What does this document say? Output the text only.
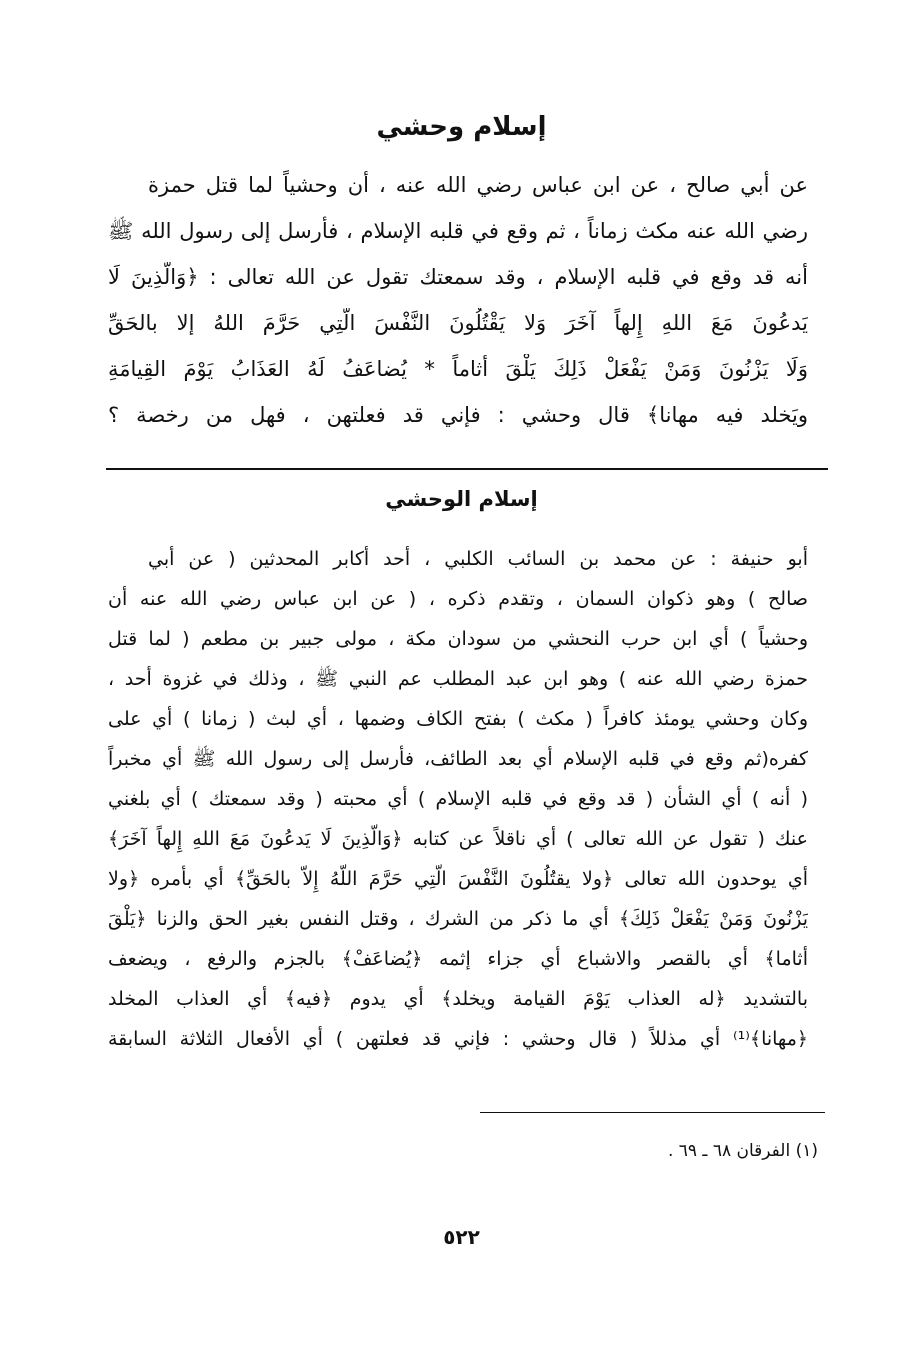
إسلام وحشي
عن أبي صالح ، عن ابن عباس رضي الله عنه ، أن وحشياً لما قتل حمزة
رضي الله عنه مكث زماناً ، ثم وقع في قلبه الإسلام ، فأرسل إلى رسول الله ﷺ
أنه قد وقع في قلبه الإسلام ، وقد سمعتك تقول عن الله تعالى : ﴿وَالَّذِينَ لَا
يَدعُونَ مَعَ اللهِ إِلهاً آخَرَ وَلا يَقْتُلُونَ النَّفْسَ الَّتِي حَرَّمَ اللهُ إلا بالحَقِّ
وَلَا يَزْنُونَ وَمَنْ يَفْعَلْ ذَلِكَ يَلْقَ أثاماً * يُضاعَفُ لَهُ العَذَابُ يَوْمَ القِيامَةِ
ويَخلد فيه مهانا﴾ قال وحشي : فإني قد فعلتهن ، فهل من رخصة ؟
إسلام الوحشي
أبو حنيفة : عن محمد بن السائب الكلبي ، أحد أكابر المحدثين ( عن أبي
صالح ) وهو ذكوان السمان ، وتقدم ذكره ، ( عن ابن عباس رضي الله عنه أن
وحشياً ) أي ابن حرب النحشي من سودان مكة ، مولى جبير بن مطعم ( لما قتل
حمزة رضي الله عنه ) وهو ابن عبد المطلب عم النبي ﷺ ، وذلك في غزوة أحد ،
وكان وحشي يومئذ كافراً ( مكث ) بفتح الكاف وضمها ، أي لبث ( زمانا ) أي على
كفره(ثم وقع في قلبه الإسلام أي بعد الطائف، فأرسل إلى رسول الله ﷺ أي مخبراً
( أنه ) أي الشأن ( قد وقع في قلبه الإسلام ) أي محبته ( وقد سمعتك ) أي بلغني
عنك ( تقول عن الله تعالى ) أي ناقلاً عن كتابه ﴿وَالَّذِينَ لَا يَدعُونَ مَعَ اللهِ إِلهاً آخَرَ﴾
أي يوحدون الله تعالى ﴿ولا يقتُلُونَ النَّفْسَ الَّتِي حَرَّمَ اللَّهُ إِلاّ بالحَقِّ﴾ أي بأمره ﴿ولا
يَزْنُونَ وَمَنْ يَفْعَلْ ذَلِكَ﴾ أي ما ذكر من الشرك ، وقتل النفس بغير الحق والزنا ﴿يَلْقَ
أثاما﴾ أي بالقصر والاشباع أي جزاء إثمه ﴿يُضاعَفْ﴾ بالجزم والرفع ، ويضعف
بالتشديد ﴿له العذاب يَوْمَ القيامة ويخلد﴾ أي يدوم ﴿فيه﴾ أي العذاب المخلد
﴿مهانا﴾⁽¹⁾ أي مذللاً ( قال وحشي : فإني قد فعلتهن ) أي الأفعال الثلاثة السابقة
(١) الفرقان ٦٨ ـ ٦٩ .
٥٢٢
